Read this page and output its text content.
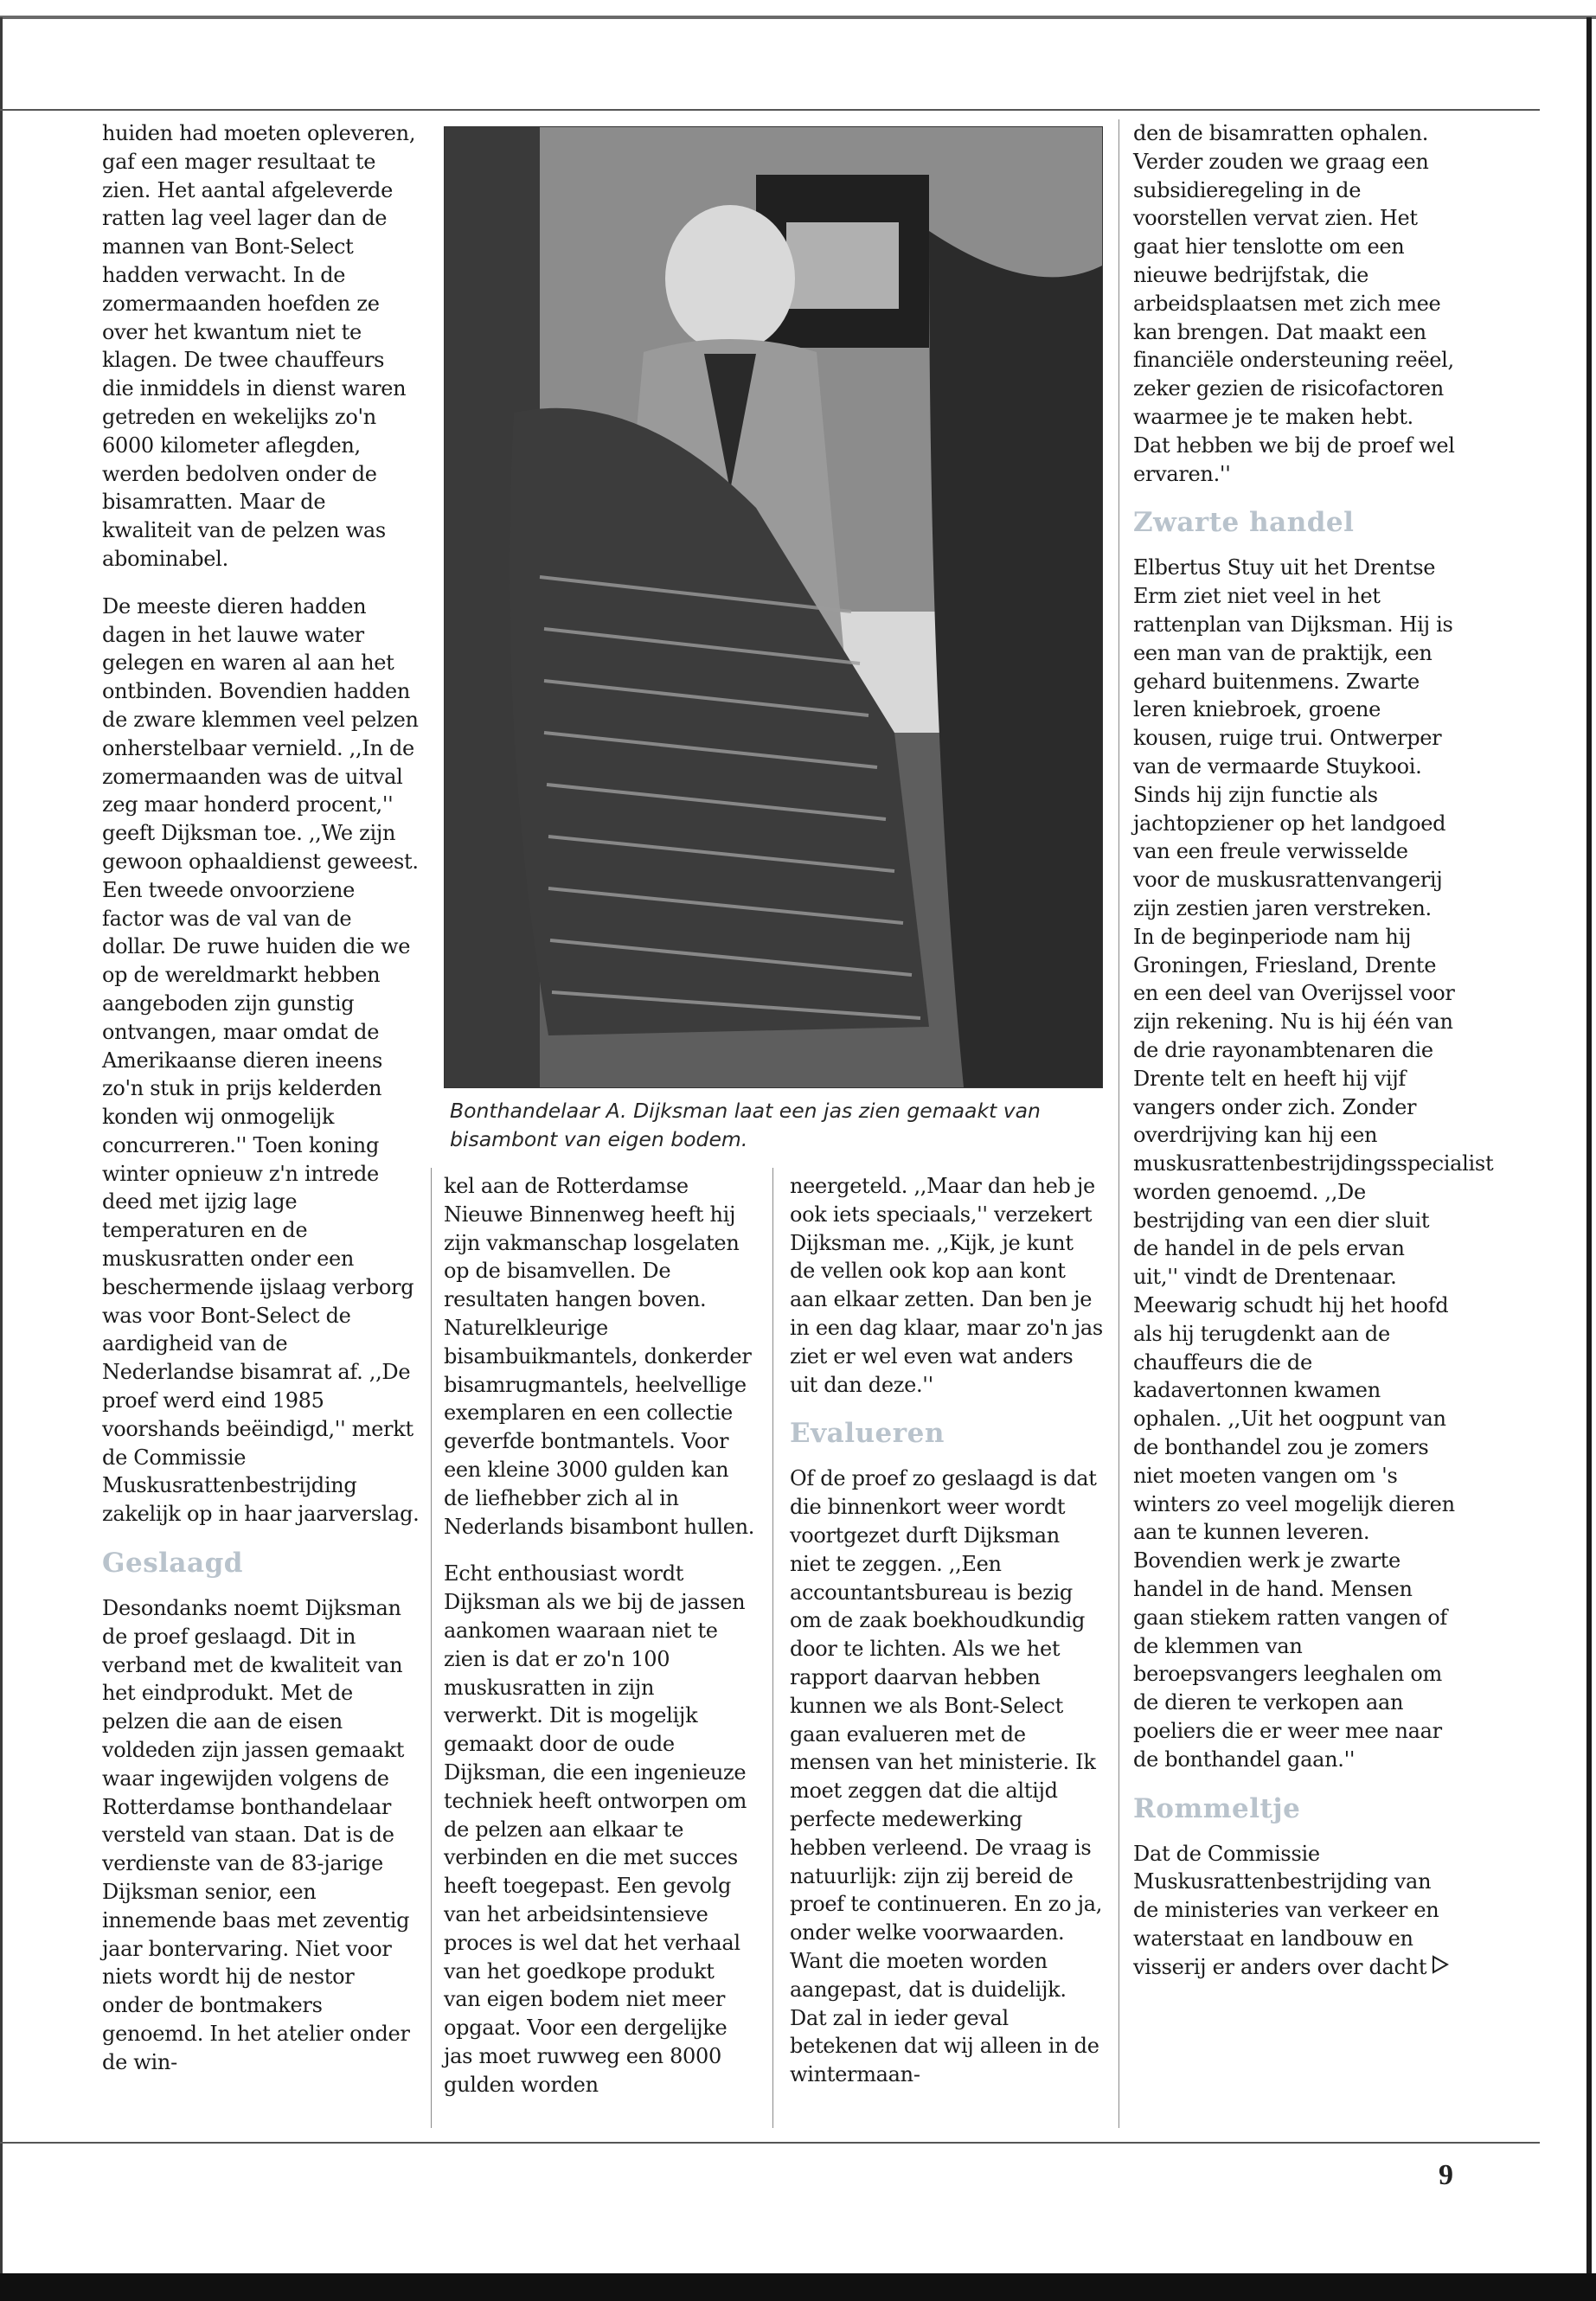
huiden had moeten opleveren, gaf een mager resultaat te zien. Het aantal afgeleverde ratten lag veel lager dan de mannen van Bont-Select hadden verwacht. In de zomermaanden hoefden ze over het kwantum niet te klagen. De twee chauffeurs die inmiddels in dienst waren getreden en wekelijks zo'n 6000 kilometer aflegden, werden bedolven onder de bisamratten. Maar de kwaliteit van de pelzen was abominabel.

De meeste dieren hadden dagen in het lauwe water gelegen en waren al aan het ontbinden. Bovendien hadden de zware klemmen veel pelzen onherstelbaar vernield. ,,In de zomermaanden was de uitval zeg maar honderd procent,'' geeft Dijksman toe. ,,We zijn gewoon ophaaldienst geweest. Een tweede onvoorziene factor was de val van de dollar. De ruwe huiden die we op de wereldmarkt hebben aangeboden zijn gunstig ontvangen, maar omdat de Amerikaanse dieren ineens zo'n stuk in prijs kelderden konden wij onmogelijk concurreren.'' Toen koning winter opnieuw z'n intrede deed met ijzig lage temperaturen en de muskusratten onder een beschermende ijslaag verborg was voor Bont-Select de aardigheid van de Nederlandse bisamrat af. ,,De proef werd eind 1985 voorshands beëindigd,'' merkt de Commissie Muskusrattenbestrijding zakelijk op in haar jaarverslag.

Geslaagd

Desondanks noemt Dijksman de proef geslaagd. Dit in verband met de kwaliteit van het eindprodukt. Met de pelzen die aan de eisen voldeden zijn jassen gemaakt waar ingewijden volgens de Rotterdamse bonthandelaar versteld van staan. Dat is de verdienste van de 83-jarige Dijksman senior, een innemende baas met zeventig jaar bontervaring. Niet voor niets wordt hij de nestor onder de bontmakers genoemd. In het atelier onder de win-

Bonthandelaar A. Dijksman laat een jas zien gemaakt van bisambont van eigen bodem.

kel aan de Rotterdamse Nieuwe Binnenweg heeft hij zijn vakmanschap losgelaten op de bisamvellen. De resultaten hangen boven. Naturelkleurige bisambuikmantels, donkerder bisamrugmantels, heelvellige exemplaren en een collectie geverfde bontmantels. Voor een kleine 3000 gulden kan de liefhebber zich al in Nederlands bisambont hullen.

Echt enthousiast wordt Dijksman als we bij de jassen aankomen waaraan niet te zien is dat er zo'n 100 muskusratten in zijn verwerkt. Dit is mogelijk gemaakt door de oude Dijksman, die een ingenieuze techniek heeft ontworpen om de pelzen aan elkaar te verbinden en die met succes heeft toegepast. Een gevolg van het arbeidsintensieve proces is wel dat het verhaal van het goedkope produkt van eigen bodem niet meer opgaat. Voor een dergelijke jas moet ruwweg een 8000 gulden worden

neergeteld. ,,Maar dan heb je ook iets speciaals,'' verzekert Dijksman me. ,,Kijk, je kunt de vellen ook kop aan kont aan elkaar zetten. Dan ben je in een dag klaar, maar zo'n jas ziet er wel even wat anders uit dan deze.''

Evalueren

Of de proef zo geslaagd is dat die binnenkort weer wordt voortgezet durft Dijksman niet te zeggen. ,,Een accountantsbureau is bezig om de zaak boekhoudkundig door te lichten. Als we het rapport daarvan hebben kunnen we als Bont-Select gaan evalueren met de mensen van het ministerie. Ik moet zeggen dat die altijd perfecte medewerking hebben verleend. De vraag is natuurlijk: zijn zij bereid de proef te continueren. En zo ja, onder welke voorwaarden. Want die moeten worden aangepast, dat is duidelijk. Dat zal in ieder geval betekenen dat wij alleen in de wintermaan-

den de bisamratten ophalen. Verder zouden we graag een subsidieregeling in de voorstellen vervat zien. Het gaat hier tenslotte om een nieuwe bedrijfstak, die arbeidsplaatsen met zich mee kan brengen. Dat maakt een financiële ondersteuning reëel, zeker gezien de risicofactoren waarmee je te maken hebt. Dat hebben we bij de proef wel ervaren.''

Zwarte handel

Elbertus Stuy uit het Drentse Erm ziet niet veel in het rattenplan van Dijksman. Hij is een man van de praktijk, een gehard buitenmens. Zwarte leren kniebroek, groene kousen, ruige trui. Ontwerper van de vermaarde Stuykooi. Sinds hij zijn functie als jachtopziener op het landgoed van een freule verwisselde voor de muskusrattenvangerij zijn zestien jaren verstreken. In de beginperiode nam hij Groningen, Friesland, Drente en een deel van Overijssel voor zijn rekening. Nu is hij één van de drie rayonambtenaren die Drente telt en heeft hij vijf vangers onder zich. Zonder overdrijving kan hij een muskusrattenbestrijdingsspecialist worden genoemd. ,,De bestrijding van een dier sluit de handel in de pels ervan uit,'' vindt de Drentenaar. Meewarig schudt hij het hoofd als hij terugdenkt aan de chauffeurs die de kadavertonnen kwamen ophalen. ,,Uit het oogpunt van de bonthandel zou je zomers niet moeten vangen om 's winters zo veel mogelijk dieren aan te kunnen leveren. Bovendien werk je zwarte handel in de hand. Mensen gaan stiekem ratten vangen of de klemmen van beroepsvangers leeghalen om de dieren te verkopen aan poeliers die er weer mee naar de bonthandel gaan.''

Rommeltje

Dat de Commissie Muskusrattenbestrijding van de ministeries van verkeer en waterstaat en landbouw en visserij er anders over dacht

9
